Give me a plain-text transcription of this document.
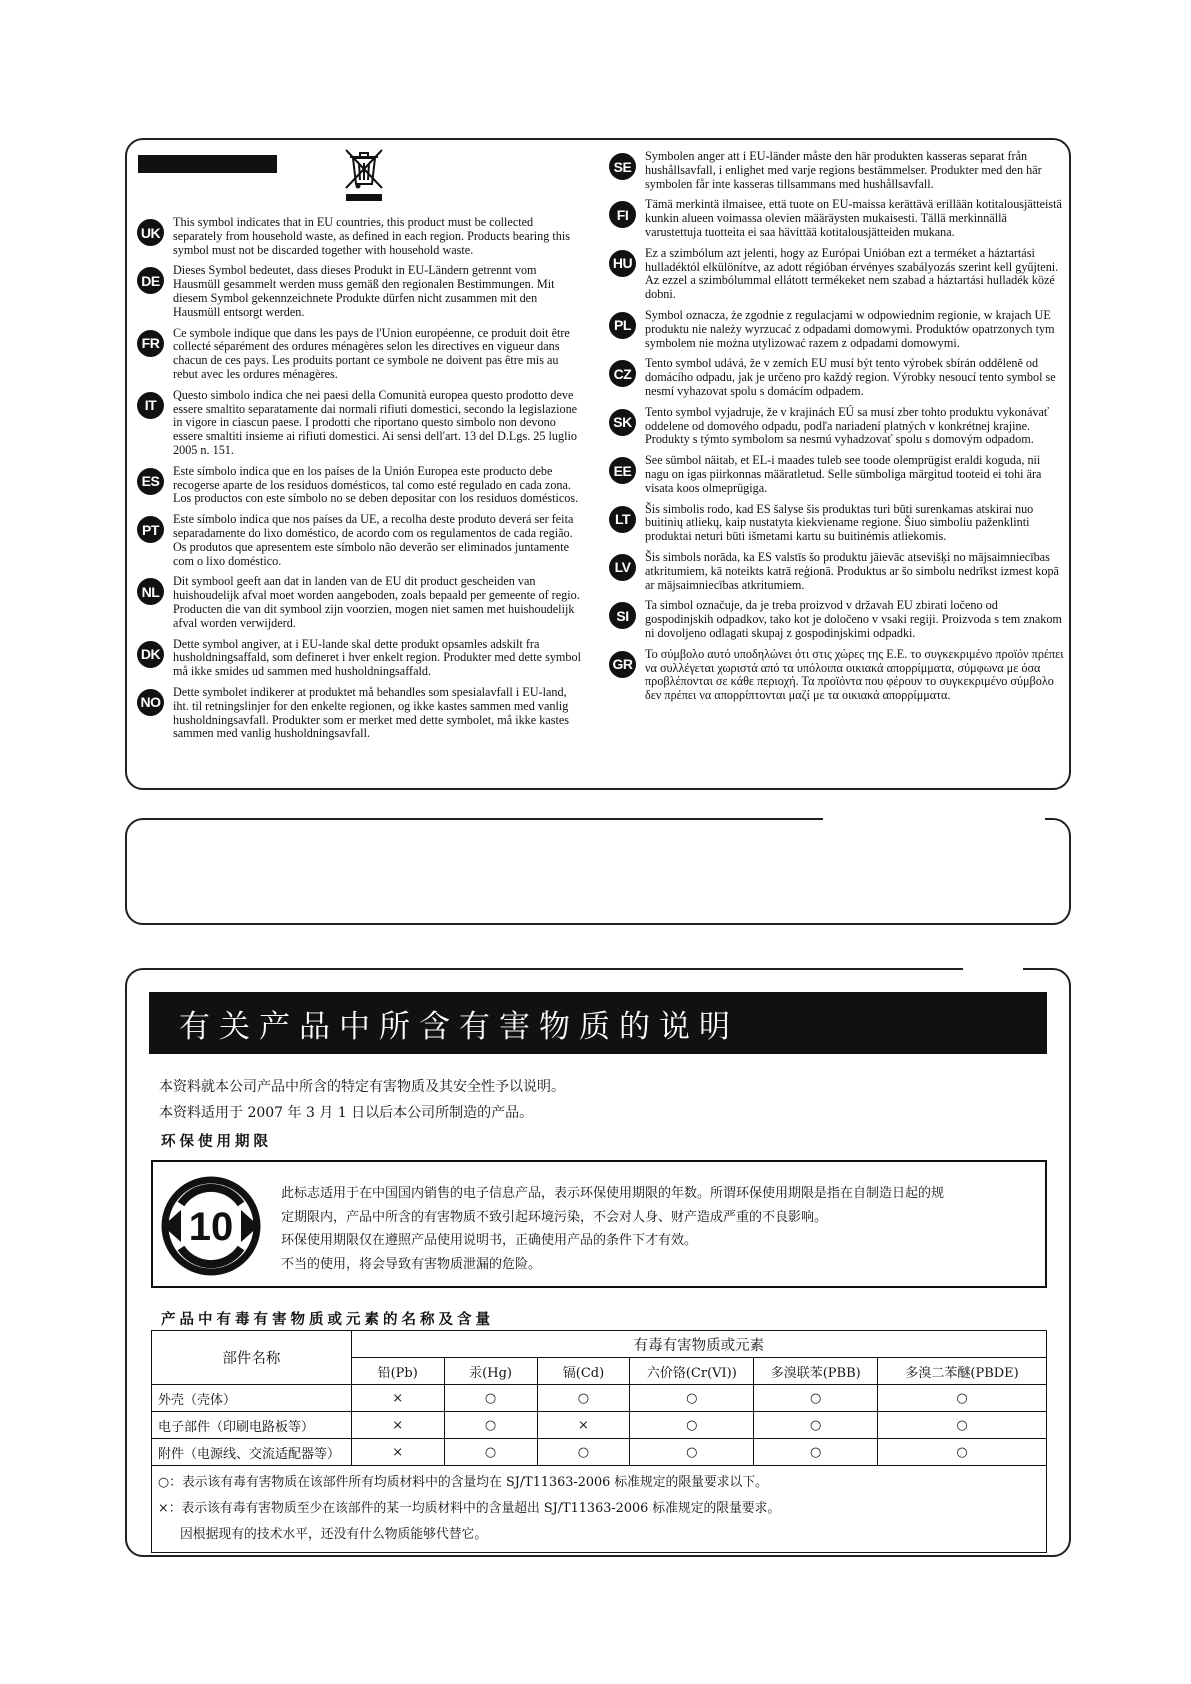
UK
This symbol indicates that in EU countries, this product must be collected separately from household waste, as defined in each region. Products bearing this symbol must not be discarded together with household waste.
DE
Dieses Symbol bedeutet, dass dieses Produkt in EU-Ländern getrennt vom Hausmüll gesammelt werden muss gemäß den regionalen Bestimmungen. Mit diesem Symbol gekennzeichnete Produkte dürfen nicht zusammen mit den Hausmüll entsorgt werden.
FR
Ce symbole indique que dans les pays de l'Union européenne, ce produit doit être collecté séparément des ordures ménagères selon les directives en vigueur dans chacun de ces pays. Les produits portant ce symbole ne doivent pas être mis au rebut avec les ordures ménagères.
IT
Questo simbolo indica che nei paesi della Comunità europea questo prodotto deve essere smaltito separatamente dai normali rifiuti domestici, secondo la legislazione in vigore in ciascun paese. I prodotti che riportano questo simbolo non devono essere smaltiti insieme ai rifiuti domestici. Ai sensi dell'art. 13 del D.Lgs. 25 luglio 2005 n. 151.
ES
Este símbolo indica que en los países de la Unión Europea este producto debe recogerse aparte de los residuos domésticos, tal como esté regulado en cada zona. Los productos con este símbolo no se deben depositar con los residuos domésticos.
PT
Este símbolo indica que nos países da UE, a recolha deste produto deverá ser feita separadamente do lixo doméstico, de acordo com os regulamentos de cada região. Os produtos que apresentem este símbolo não deverão ser eliminados juntamente com o lixo doméstico.
NL
Dit symbool geeft aan dat in landen van de EU dit product gescheiden van huishoudelijk afval moet worden aangeboden, zoals bepaald per gemeente of regio. Producten die van dit symbool zijn voorzien, mogen niet samen met huishoudelijk afval worden verwijderd.
DK
Dette symbol angiver, at i EU-lande skal dette produkt opsamles adskilt fra husholdningsaffald, som defineret i hver enkelt region. Produkter med dette symbol må ikke smides ud sammen med husholdningsaffald.
NO
Dette symbolet indikerer at produktet må behandles som spesialavfall i EU-land, iht. til retningslinjer for den enkelte regionen, og ikke kastes sammen med vanlig husholdningsavfall. Produkter som er merket med dette symbolet, må ikke kastes sammen med vanlig husholdningsavfall.
SE
Symbolen anger att i EU-länder måste den här produkten kasseras separat från hushållsavfall, i enlighet med varje regions bestämmelser. Produkter med den här symbolen får inte kasseras tillsammans med hushållsavfall.
FI
Tämä merkintä ilmaisee, että tuote on EU-maissa kerättävä erillään kotitalousjätteistä kunkin alueen voimassa olevien määräysten mukaisesti. Tällä merkinnällä varustettuja tuotteita ei saa hävittää kotitalousjätteiden mukana.
HU
Ez a szimbólum azt jelenti, hogy az Európai Unióban ezt a terméket a háztartási hulladéktól elkülönítve, az adott régióban érvényes szabályozás szerint kell gyűjteni. Az ezzel a szimbólummal ellátott termékeket nem szabad a háztartási hulladék közé dobni.
PL
Symbol oznacza, że zgodnie z regulacjami w odpowiednim regionie, w krajach UE produktu nie należy wyrzucać z odpadami domowymi. Produktów opatrzonych tym symbolem nie można utylizować razem z odpadami domowymi.
CZ
Tento symbol udává, že v zemích EU musí být tento výrobek sbírán odděleně od domácího odpadu, jak je určeno pro každý region. Výrobky nesoucí tento symbol se nesmí vyhazovat spolu s domácím odpadem.
SK
Tento symbol vyjadruje, že v krajinách EÚ sa musí zber tohto produktu vykonávať oddelene od domového odpadu, podľa nariadení platných v konkrétnej krajine. Produkty s týmto symbolom sa nesmú vyhadzovať spolu s domovým odpadom.
EE
See sümbol näitab, et EL-i maades tuleb see toode olemprügist eraldi koguda, nii nagu on igas piirkonnas määratletud. Selle sümboliga märgitud tooteid ei tohi ära visata koos olmeprügiga.
LT
Šis simbolis rodo, kad ES šalyse šis produktas turi būti surenkamas atskirai nuo buitinių atliekų, kaip nustatyta kiekviename regione. Šiuo simboliu paženklinti produktai neturi būti išmetami kartu su buitinėmis atliekomis.
LV
Šis simbols norāda, ka ES valstīs šo produktu jāievāc atsevišķi no mājsaimniecības atkritumiem, kā noteikts katrā reģionā. Produktus ar šo simbolu nedrīkst izmest kopā ar mājsaimniecības atkritumiem.
SI
Ta simbol označuje, da je treba proizvod v državah EU zbirati ločeno od gospodinjskih odpadkov, tako kot je določeno v vsaki regiji. Proizvoda s tem znakom ni dovoljeno odlagati skupaj z gospodinjskimi odpadki.
GR
Το σύμβολο αυτό υποδηλώνει ότι στις χώρες της Ε.Ε. το συγκεκριμένο προϊόν πρέπει να συλλέγεται χωριστά από τα υπόλοιπα οικιακά απορρίμματα, σύμφωνα με όσα προβλέπονται σε κάθε περιοχή. Τα προϊόντα που φέρουν το συγκεκριμένο σύμβολο δεν πρέπει να απορρίπτονται μαζί με τα οικιακά απορρίμματα.
有关产品中所含有害物质的说明
本资料就本公司产品中所含的特定有害物质及其安全性予以说明。
本资料适用于 2007 年 3 月 1 日以后本公司所制造的产品。
环保使用期限
10
此标志适用于在中国国内销售的电子信息产品，表示环保使用期限的年数。所谓环保使用期限是指在自制造日起的规
定期限内，产品中所含的有害物质不致引起环境污染，不会对人身、财产造成严重的不良影响。
环保使用期限仅在遵照产品使用说明书，正确使用产品的条件下才有效。
不当的使用，将会导致有害物质泄漏的危险。
产品中有毒有害物质或元素的名称及含量
部件名称	有毒有害物质或元素					
	铅(Pb)	汞(Hg)	镉(Cd)	六价铬(Cr(VI))	多溴联苯(PBB)	多溴二苯醚(PBDE)
外壳（壳体）	×	○	○	○	○	○
电子部件（印刷电路板等）	×	○	×	○	○	○
附件（电源线、交流适配器等）	×	○	○	○	○	○

○：表示该有毒有害物质在该部件所有均质材料中的含量均在 SJ/T11363-2006 标准规定的限量要求以下。
×：表示该有毒有害物质至少在该部件的某一均质材料中的含量超出 SJ/T11363-2006 标准规定的限量要求。
因根据现有的技术水平，还没有什么物质能够代替它。						
